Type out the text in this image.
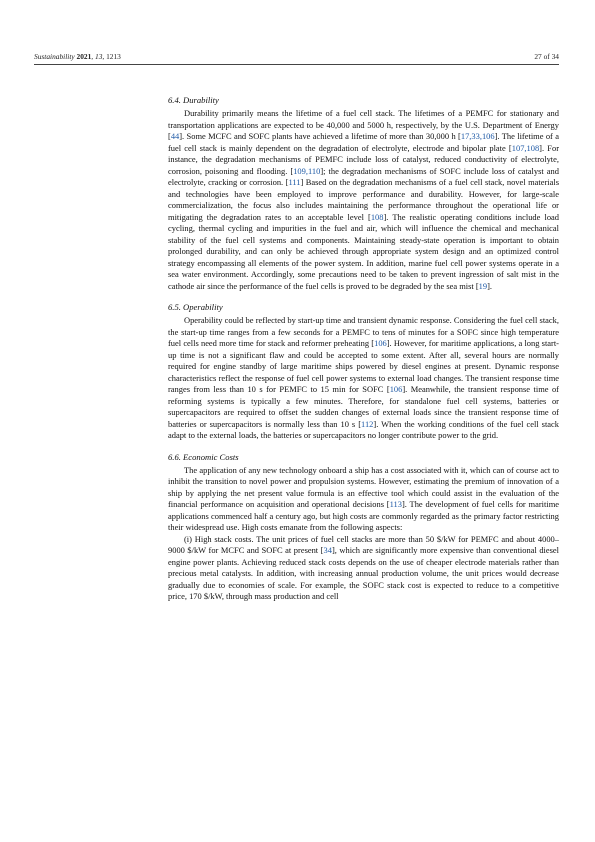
Sustainability 2021, 13, 1213	27 of 34
6.4. Durability

Durability primarily means the lifetime of a fuel cell stack. The lifetimes of a PEMFC for stationary and transportation applications are expected to be 40,000 and 5000 h, respectively, by the U.S. Department of Energy [44]. Some MCFC and SOFC plants have achieved a lifetime of more than 30,000 h [17,33,106]. The lifetime of a fuel cell stack is mainly dependent on the degradation of electrolyte, electrode and bipolar plate [107,108]. For instance, the degradation mechanisms of PEMFC include loss of catalyst, reduced conductivity of electrolyte, corrosion, poisoning and flooding. [109,110]; the degradation mechanisms of SOFC include loss of catalyst and electrolyte, cracking or corrosion. [111] Based on the degradation mechanisms of a fuel cell stack, novel materials and technologies have been employed to improve performance and durability. However, for large-scale commercialization, the focus also includes maintaining the performance throughout the operational life or mitigating the degradation rates to an acceptable level [108]. The realistic operating conditions include load cycling, thermal cycling and impurities in the fuel and air, which will influence the chemical and mechanical stability of the fuel cell systems and components. Maintaining steady-state operation is important to obtain prolonged durability, and can only be achieved through appropriate system design and an optimized control strategy encompassing all elements of the power system. In addition, marine fuel cell power systems operate in a sea water environment. Accordingly, some precautions need to be taken to prevent ingression of salt mist in the cathode air since the performance of the fuel cells is proved to be degraded by the sea mist [19].

6.5. Operability

Operability could be reflected by start-up time and transient dynamic response. Considering the fuel cell stack, the start-up time ranges from a few seconds for a PEMFC to tens of minutes for a SOFC since high temperature fuel cells need more time for stack and reformer preheating [106]. However, for maritime applications, a long start-up time is not a significant flaw and could be accepted to some extent. After all, several hours are normally required for engine standby of large maritime ships powered by diesel engines at present. Dynamic response characteristics reflect the response of fuel cell power systems to external load changes. The transient response time ranges from less than 10 s for PEMFC to 15 min for SOFC [106]. Meanwhile, the transient response time of reforming systems is typically a few minutes. Therefore, for standalone fuel cell systems, batteries or supercapacitors are required to offset the sudden changes of external loads since the transient response time of batteries or supercapacitors is normally less than 10 s [112]. When the working conditions of the fuel cell stack adapt to the external loads, the batteries or supercapacitors no longer contribute power to the grid.

6.6. Economic Costs

The application of any new technology onboard a ship has a cost associated with it, which can of course act to inhibit the transition to novel power and propulsion systems. However, estimating the premium of innovation of a ship by applying the net present value formula is an effective tool which could assist in the evaluation of the financial performance on acquisition and operational decisions [113]. The development of fuel cells for maritime applications commenced half a century ago, but high costs are commonly regarded as the primary factor restricting their widespread use. High costs emanate from the following aspects:

(i) High stack costs. The unit prices of fuel cell stacks are more than 50 $/kW for PEMFC and about 4000–9000 $/kW for MCFC and SOFC at present [34], which are significantly more expensive than conventional diesel engine power plants. Achieving reduced stack costs depends on the use of cheaper electrode materials rather than precious metal catalysts. In addition, with increasing annual production volume, the unit prices would decrease gradually due to economies of scale. For example, the SOFC stack cost is expected to reduce to a competitive price, 170 $/kW, through mass production and cell
